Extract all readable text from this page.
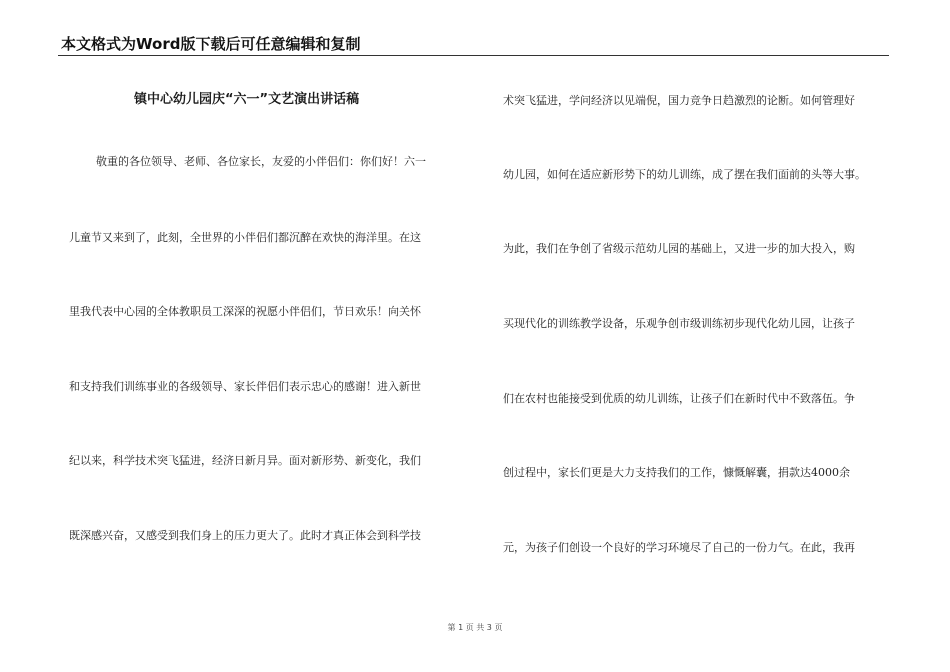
本文格式为Word版下载后可任意编辑和复制
镇中心幼儿园庆“六一”文艺演出讲话稿
敬重的各位领导、老师、各位家长，友爱的小伴侣们：你们好！六一
儿童节又来到了，此刻，全世界的小伴侣们都沉醉在欢快的海洋里。在这
里我代表中心园的全体教职员工深深的祝愿小伴侣们，节日欢乐！向关怀
和支持我们训练事业的各级领导、家长伴侣们表示忠心的感谢！进入新世
纪以来，科学技术突飞猛进，经济日新月异。面对新形势、新变化，我们
既深感兴奋，又感受到我们身上的压力更大了。此时才真正体会到科学技
术突飞猛进，学问经济以见端倪，国力竞争日趋激烈的论断。如何管理好
幼儿园，如何在适应新形势下的幼儿训练，成了摆在我们面前的头等大事。
为此，我们在争创了省级示范幼儿园的基础上，又进一步的加大投入，购
买现代化的训练教学设备，乐观争创市级训练初步现代化幼儿园，让孩子
们在农村也能接受到优质的幼儿训练，让孩子们在新时代中不致落伍。争
创过程中，家长们更是大力支持我们的工作，慷慨解囊，捐款达4000余
元，为孩子们创设一个良好的学习环境尽了自己的一份力气。在此，我再
第 1 页 共 3 页
